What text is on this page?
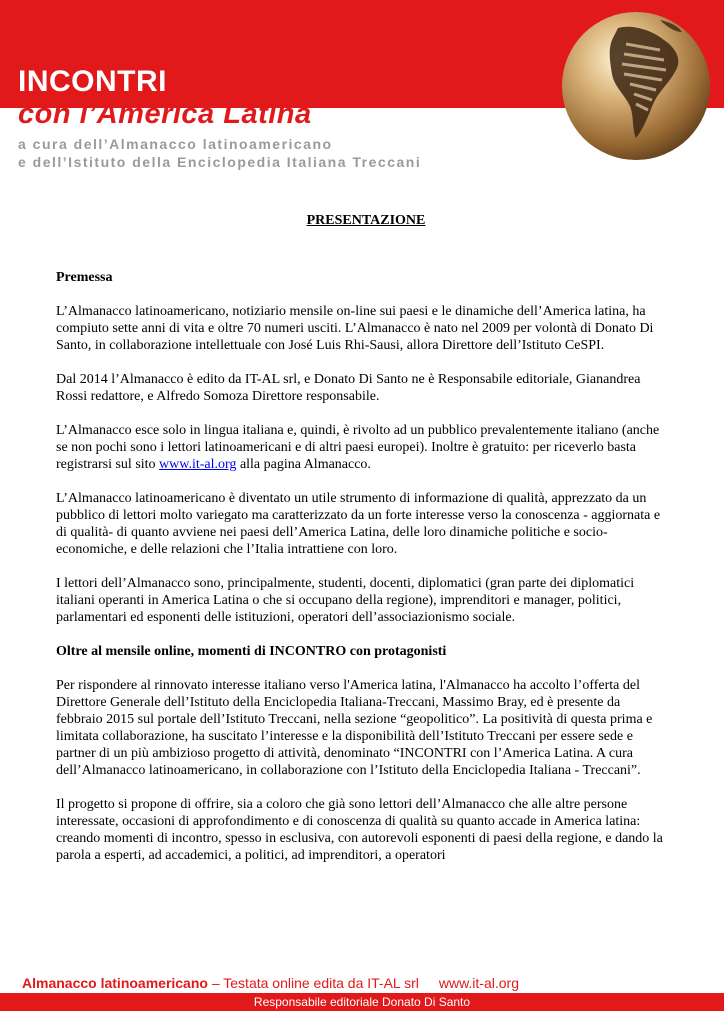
INCONTRI
con l’America Latina

a cura dell’Almanacco latinoamericano

e dell’Istituto della Enciclopedia Italiana Treccani

PRESENTAZIONE
Premessa

L’Almanacco latinoamericano, notiziario mensile on-line sui paesi e le dinamiche dell’America latina, ha compiuto sette anni di vita e oltre 70 numeri usciti. L’Almanacco è nato nel 2009 per volontà di Donato Di Santo, in collaborazione intellettuale con José Luis Rhi-Sausi, allora Direttore dell’Istituto CeSPI.

Dal 2014 l’Almanacco è edito da IT-AL srl, e Donato Di Santo ne è Responsabile editoriale, Gianandrea Rossi redattore, e Alfredo Somoza Direttore responsabile.

L’Almanacco esce solo in lingua italiana e, quindi, è rivolto ad un pubblico prevalentemente italiano (anche se non pochi sono i lettori latinoamericani e di altri paesi europei). Inoltre è gratuito: per riceverlo basta registrarsi sul sito www.it-al.org alla pagina Almanacco.

L’Almanacco latinoamericano è diventato un utile strumento di informazione di qualità, apprezzato da un pubblico di lettori molto variegato ma caratterizzato da un forte interesse verso la conoscenza - aggiornata e di qualità- di quanto avviene nei paesi dell’America Latina, delle loro dinamiche politiche e socio-economiche, e delle relazioni che l’Italia intrattiene con loro.

I lettori dell’Almanacco sono, principalmente, studenti, docenti, diplomatici (gran parte dei diplomatici italiani operanti in America Latina o che si occupano della regione), imprenditori e manager, politici, parlamentari ed esponenti delle istituzioni, operatori dell’associazionismo sociale.

Oltre al mensile online, momenti di INCONTRO con protagonisti

Per rispondere al rinnovato interesse italiano verso l'America latina, l'Almanacco ha accolto l’offerta del Direttore Generale dell’Istituto della Enciclopedia Italiana-Treccani, Massimo Bray, ed è presente da febbraio 2015 sul portale dell’Istituto Treccani, nella sezione “geopolitico”. La positività di questa prima e limitata collaborazione, ha suscitato l’interesse e la disponibilità dell’Istituto Treccani per essere sede e partner di un più ambizioso progetto di attività, denominato “INCONTRI con l’America Latina. A cura dell’Almanacco latinoamericano, in collaborazione con l’Istituto della Enciclopedia Italiana - Treccani”.

Il progetto si propone di offrire, sia a coloro che già sono lettori dell’Almanacco che alle altre persone interessate, occasioni di approfondimento e di conoscenza di qualità su quanto accade in America latina: creando momenti di incontro, spesso in esclusiva, con autorevoli esponenti di paesi della regione, e dando la parola a esperti, ad accademici, a politici, ad imprenditori, a operatori

Almanacco latinoamericano – Testata online edita da IT-AL srl www.it-al.org

Responsabile editoriale Donato Di Santo
